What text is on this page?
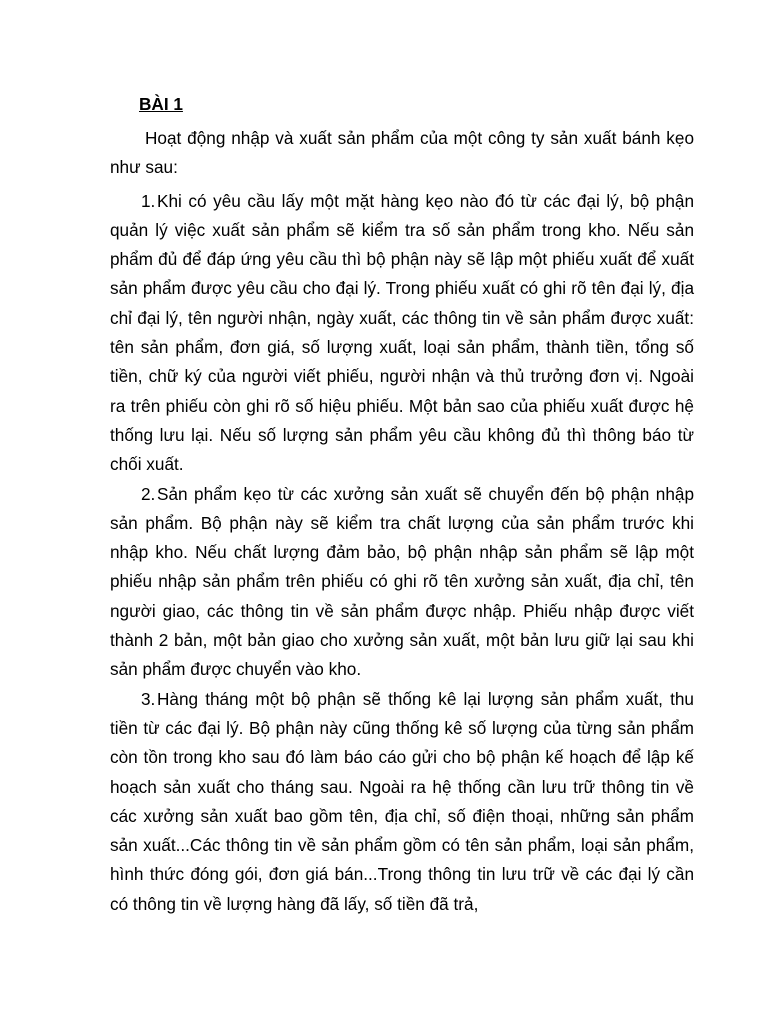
BÀI 1

Hoạt động nhập và xuất sản phẩm của một công ty sản xuất bánh kẹo như sau:

1.Khi có yêu cầu lấy một mặt hàng kẹo nào đó từ các đại lý, bộ phận quản lý việc xuất sản phẩm sẽ kiểm tra số sản phẩm trong kho. Nếu sản phẩm đủ để đáp ứng yêu cầu thì bộ phận này sẽ lập một phiếu xuất để xuất sản phẩm được yêu cầu cho đại lý. Trong phiếu xuất có ghi rõ tên đại lý, địa chỉ đại lý, tên người nhận, ngày xuất, các thông tin về sản phẩm được xuất: tên sản phẩm, đơn giá, số lượng xuất, loại sản phẩm, thành tiền, tổng số tiền, chữ ký của người viết phiếu, người nhận và thủ trưởng đơn vị. Ngoài ra trên phiếu còn ghi rõ số hiệu phiếu. Một bản sao của phiếu xuất được hệ thống lưu lại. Nếu số lượng sản phẩm yêu cầu không đủ thì thông báo từ chối xuất.

2.Sản phẩm kẹo từ các xưởng sản xuất sẽ chuyển đến bộ phận nhập sản phẩm. Bộ phận này sẽ kiểm tra chất lượng của sản phẩm trước khi nhập kho. Nếu chất lượng đảm bảo, bộ phận nhập sản phẩm sẽ lập một phiếu nhập sản phẩm trên phiếu có ghi rõ tên xưởng sản xuất, địa chỉ, tên người giao, các thông tin về sản phẩm được nhập. Phiếu nhập được viết thành 2 bản, một bản giao cho xưởng sản xuất, một bản lưu giữ lại sau khi sản phẩm được chuyển vào kho.

3.Hàng tháng một bộ phận sẽ thống kê lại lượng sản phẩm xuất, thu tiền từ các đại lý. Bộ phận này cũng thống kê số lượng của từng sản phẩm còn tồn trong kho sau đó làm báo cáo gửi cho bộ phận kế hoạch để lập kế hoạch sản xuất cho tháng sau. Ngoài ra hệ thống cần lưu trữ thông tin về các xưởng sản xuất bao gồm tên, địa chỉ, số điện thoại, những sản phẩm sản xuất...Các thông tin về sản phẩm gồm có tên sản phẩm, loại sản phẩm, hình thức đóng gói, đơn giá bán...Trong thông tin lưu trữ về các đại lý cần có thông tin về lượng hàng đã lấy, số tiền đã trả,
